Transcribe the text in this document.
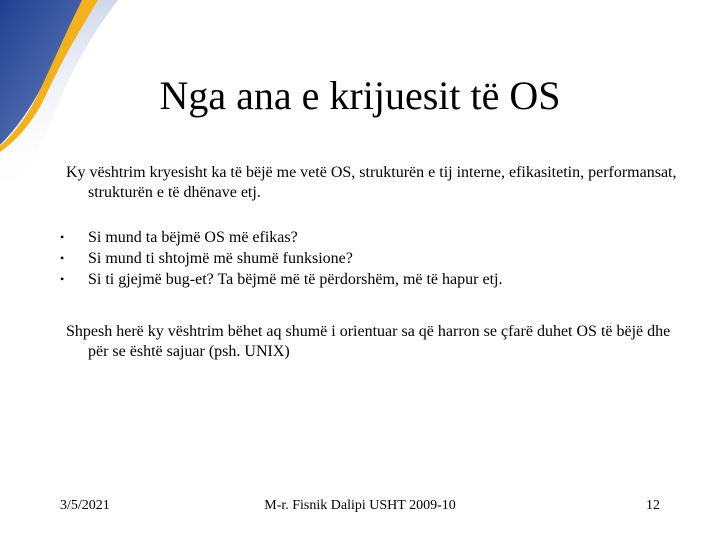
Nga ana e krijuesit të OS
Ky vështrim kryesisht ka të bëjë me vetë OS, strukturën e tij interne, efikasitetin, performansat, strukturën e të dhënave etj.
• Si mund ta bëjmë OS më efikas?
• Si mund ti shtojmë më shumë funksione?
• Si ti gjejmë bug-et? Ta bëjmë më të përdorshëm, më të hapur etj.
Shpesh herë ky vështrim bëhet aq shumë i orientuar sa që harron se çfarë duhet OS të bëjë dhe për se është sajuar (psh. UNIX)
3/5/2021	M-r. Fisnik Dalipi USHT 2009-10	12
